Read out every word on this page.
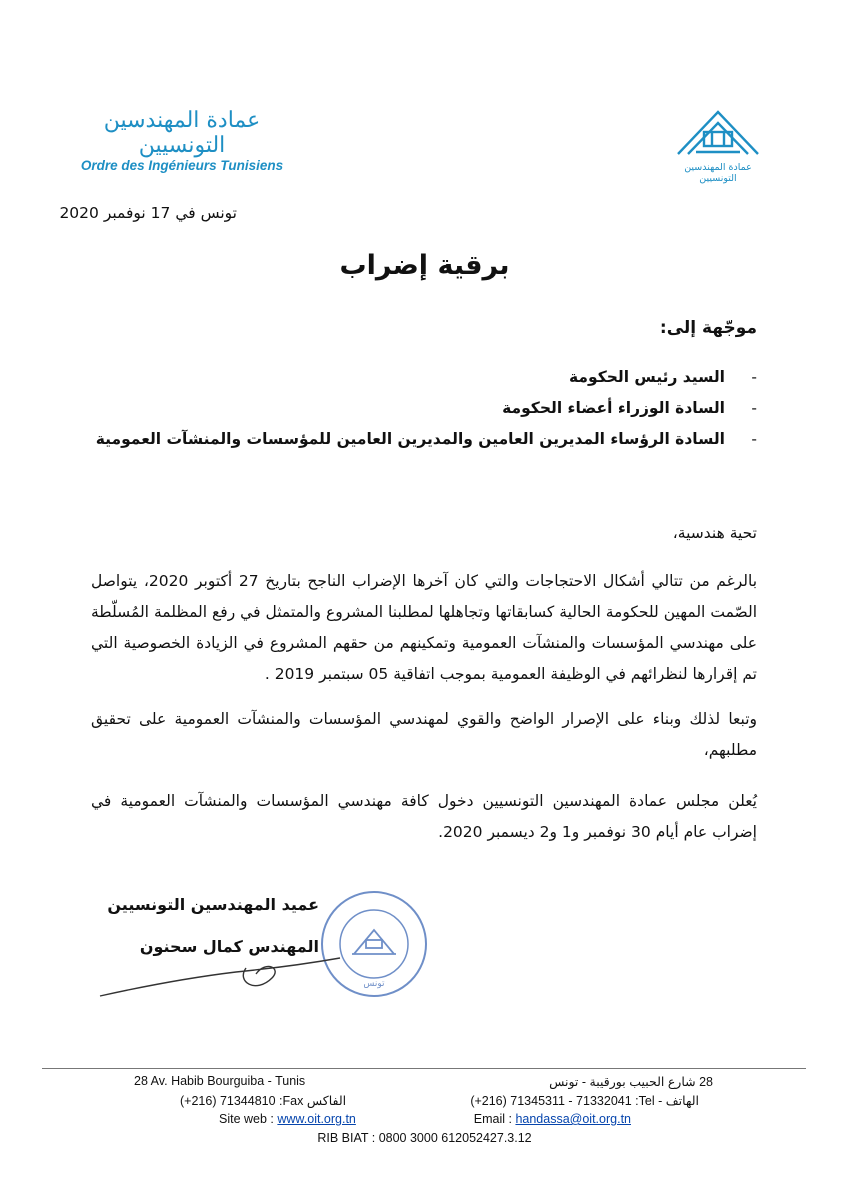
عمادة المهندسين التونسيين
Ordre des Ingénieurs Tunisiens	عمادة المهندسين التونسيين
تونس في 17 نوفمبر 2020
برقية إضراب
موجّهة إلى:
-
السيد رئيس الحكومة
-
السادة الوزراء أعضاء الحكومة
-
السادة الرؤساء المديرين العامين والمديرين العامين للمؤسسات والمنشآت العمومية
تحية هندسية،
بالرغم من تتالي أشكال الاحتجاجات والتي كان آخرها الإضراب الناجح بتاريخ 27 أكتوبر 2020، يتواصل الصّمت المهين للحكومة الحالية كسابقاتها وتجاهلها لمطلبنا المشروع والمتمثل في رفع المظلمة المُسلّطة على مهندسي المؤسسات والمنشآت العمومية وتمكينهم من حقهم المشروع في الزيادة الخصوصية التي تم إقرارها لنظرائهم في الوظيفة العمومية بموجب اتفاقية 05 سبتمبر 2019 .
وتبعا لذلك وبناء على الإصرار الواضح والقوي لمهندسي المؤسسات والمنشآت العمومية على تحقيق مطلبهم،
يُعلن مجلس عمادة المهندسين التونسيين دخول كافة مهندسي المؤسسات والمنشآت العمومية في إضراب عام أيام 30 نوفمبر و1 و2 ديسمبر 2020.
عميد المهندسين التونسيين
المهندس كمال سحنون
تونس
28 Av. Habib Bourguiba - Tunis	28 شارع الحبيب بورقيبة - تونس
(+216) 71344810 :Fax الفاكس	(+216) 71345311 - 71332041 :Tel - الهاتف
Site web : www.oit.org.tn	Email : handassa@oit.org.tn
RIB BIAT : 0800 3000 612052427.3.12
